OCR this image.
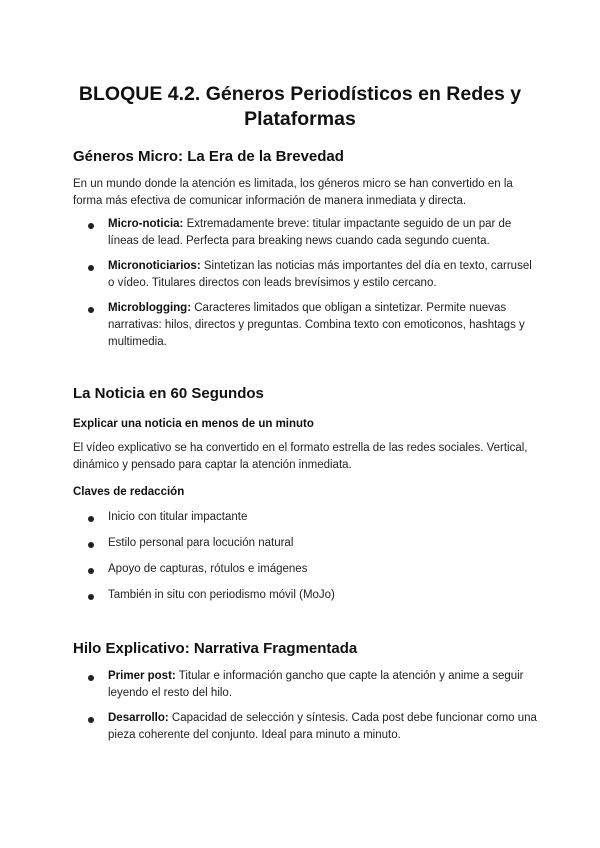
BLOQUE 4.2. Géneros Periodísticos en Redes y Plataformas
Géneros Micro: La Era de la Brevedad
En un mundo donde la atención es limitada, los géneros micro se han convertido en la forma más efectiva de comunicar información de manera inmediata y directa.
Micro-noticia: Extremadamente breve: titular impactante seguido de un par de líneas de lead. Perfecta para breaking news cuando cada segundo cuenta.
Micronoticiarios: Sintetizan las noticias más importantes del día en texto, carrusel o vídeo. Titulares directos con leads brevísimos y estilo cercano.
Microblogging: Caracteres limitados que obligan a sintetizar. Permite nuevas narrativas: hilos, directos y preguntas. Combina texto con emoticonos, hashtags y multimedia.
La Noticia en 60 Segundos
Explicar una noticia en menos de un minuto
El vídeo explicativo se ha convertido en el formato estrella de las redes sociales. Vertical, dinámico y pensado para captar la atención inmediata.
Claves de redacción
Inicio con titular impactante
Estilo personal para locución natural
Apoyo de capturas, rótulos e imágenes
También in situ con periodismo móvil (MoJo)
Hilo Explicativo: Narrativa Fragmentada
Primer post: Titular e información gancho que capte la atención y anime a seguir leyendo el resto del hilo.
Desarrollo: Capacidad de selección y síntesis. Cada post debe funcionar como una pieza coherente del conjunto. Ideal para minuto a minuto.
